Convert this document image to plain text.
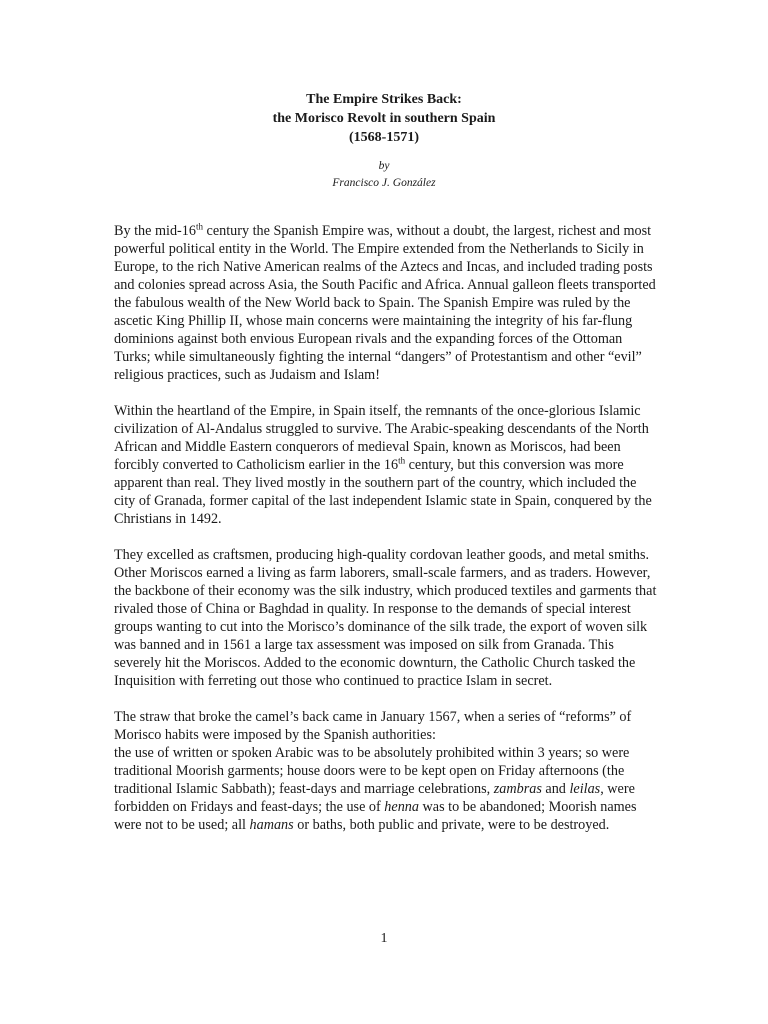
The Empire Strikes Back:
the Morisco Revolt in southern Spain
(1568-1571)
by
Francisco J. González

By the mid-16th century the Spanish Empire was, without a doubt, the largest, richest and most powerful political entity in the World. The Empire extended from the Netherlands to Sicily in Europe, to the rich Native American realms of the Aztecs and Incas, and included trading posts and colonies spread across Asia, the South Pacific and Africa. Annual galleon fleets transported the fabulous wealth of the New World back to Spain. The Spanish Empire was ruled by the ascetic King Phillip II, whose main concerns were maintaining the integrity of his far-flung dominions against both envious European rivals and the expanding forces of the Ottoman Turks; while simultaneously fighting the internal “dangers” of Protestantism and other “evil” religious practices, such as Judaism and Islam!

Within the heartland of the Empire, in Spain itself, the remnants of the once-glorious Islamic civilization of Al-Andalus struggled to survive. The Arabic-speaking descendants of the North African and Middle Eastern conquerors of medieval Spain, known as Moriscos, had been forcibly converted to Catholicism earlier in the 16th century, but this conversion was more apparent than real. They lived mostly in the southern part of the country, which included the city of Granada, former capital of the last independent Islamic state in Spain, conquered by the Christians in 1492.

They excelled as craftsmen, producing high-quality cordovan leather goods, and metal smiths. Other Moriscos earned a living as farm laborers, small-scale farmers, and as traders. However, the backbone of their economy was the silk industry, which produced textiles and garments that rivaled those of China or Baghdad in quality. In response to the demands of special interest groups wanting to cut into the Morisco’s dominance of the silk trade, the export of woven silk was banned and in 1561 a large tax assessment was imposed on silk from Granada. This severely hit the Moriscos. Added to the economic downturn, the Catholic Church tasked the Inquisition with ferreting out those who continued to practice Islam in secret.

The straw that broke the camel’s back came in January 1567, when a series of “reforms” of Morisco habits were imposed by the Spanish authorities:

the use of written or spoken Arabic was to be absolutely prohibited within 3 years; so were traditional Moorish garments; house doors were to be kept open on Friday afternoons (the traditional Islamic Sabbath); feast-days and marriage celebrations, zambras and leilas, were forbidden on Fridays and feast-days; the use of henna was to be abandoned; Moorish names were not to be used; all hamans or baths, both public and private, were to be destroyed.

1
